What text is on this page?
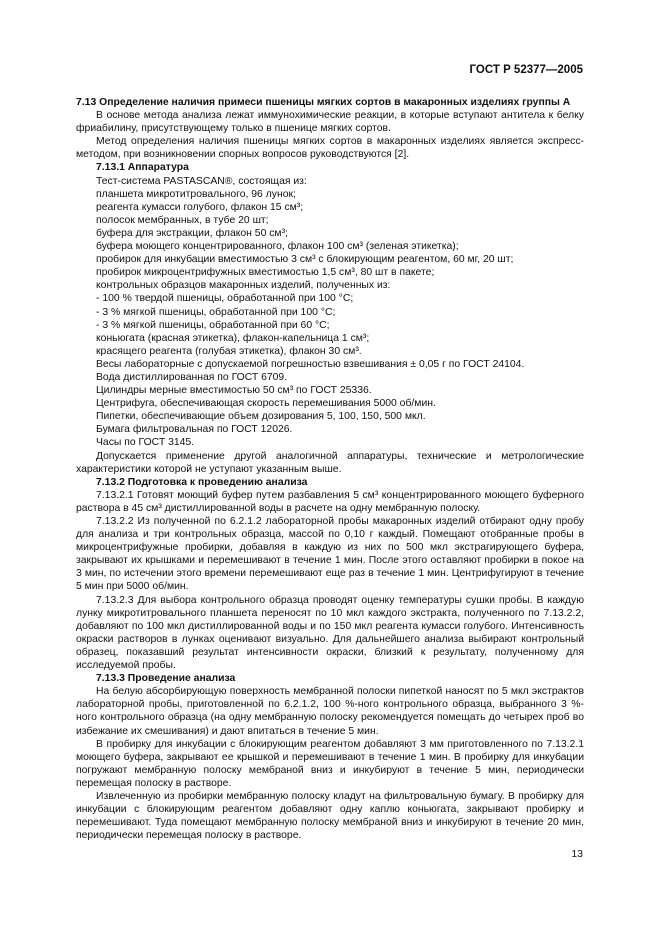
ГОСТ Р 52377—2005

7.13 Определение наличия примеси пшеницы мягких сортов в макаронных изделиях группы А

В основе метода анализа лежат иммунохимические реакции, в которые вступают антитела к белку фриабилину, присутствующему только в пшенице мягких сортов.

Метод определения наличия пшеницы мягких сортов в макаронных изделиях является экспресс-методом, при возникновении спорных вопросов руководствуются [2].

7.13.1 Аппаратура

Тест-система PASTASCAN®, состоящая из:

планшета микротитровального, 96 лунок;

реагента кумасси голубого, флакон 15 см³;

полосок мембранных, в тубе 20 шт;

буфера для экстракции, флакон 50 см³;

буфера моющего концентрированного, флакон 100 см³ (зеленая этикетка);

пробирок для инкубации вместимостью 3 см³ с блокирующим реагентом, 60 мг, 20 шт;

пробирок микроцентрифужных вместимостью 1,5 см³, 80 шт в пакете;

контрольных образцов макаронных изделий, полученных из:

- 100 % твердой пшеницы, обработанной при 100 °С;

- 3 % мягкой пшеницы, обработанной при 100 °С;

- 3 % мягкой пшеницы, обработанной при 60 °С;

коньюгата (красная этикетка), флакон-капельница 1 см³;

красящего реагента (голубая этикетка), флакон 30 см³.

Весы лабораторные с допускаемой погрешностью взвешивания ± 0,05 г по ГОСТ 24104.

Вода дистиллированная по ГОСТ 6709.

Цилиндры мерные вместимостью 50 см³ по ГОСТ 25336.

Центрифуга, обеспечивающая скорость перемешивания 5000 об/мин.

Пипетки, обеспечивающие объем дозирования 5, 100, 150, 500 мкл.

Бумага фильтровальная по ГОСТ 12026.

Часы по ГОСТ 3145.

Допускается применение другой аналогичной аппаратуры, технические и метрологические характеристики которой не уступают указанным выше.

7.13.2 Подготовка к проведению анализа

7.13.2.1 Готовят моющий буфер путем разбавления 5 см³ концентрированного моющего буферного раствора в 45 см³ дистиллированной воды в расчете на одну мембранную полоску.

7.13.2.2 Из полученной по 6.2.1.2 лабораторной пробы макаронных изделий отбирают одну пробу для анализа и три контрольных образца, массой по 0,10 г каждый. Помещают отобранные пробы в микроцентрифужные пробирки, добавляя в каждую из них по 500 мкл экстрагирующего буфера, закрывают их крышками и перемешивают в течение 1 мин. После этого оставляют пробирки в покое на 3 мин, по истечении этого времени перемешивают еще раз в течение 1 мин. Центрифугируют в течение 5 мин при 5000 об/мин.

7.13.2.3 Для выбора контрольного образца проводят оценку температуры сушки пробы. В каждую лунку микротитровального планшета переносят по 10 мкл каждого экстракта, полученного по 7.13.2.2, добавляют по 100 мкл дистиллированной воды и по 150 мкл реагента кумасси голубого. Интенсивность окраски растворов в лунках оценивают визуально. Для дальнейшего анализа выбирают контрольный образец, показавший результат интенсивности окраски, близкий к результату, полученному для исследуемой пробы.

7.13.3 Проведение анализа

На белую абсорбирующую поверхность мембранной полоски пипеткой наносят по 5 мкл экстрактов лабораторной пробы, приготовленной по 6.2.1.2, 100 %-ного контрольного образца, выбранного 3 %-ного контрольного образца (на одну мембранную полоску рекомендуется помещать до четырех проб во избежание их смешивания) и дают впитаться в течение 5 мин.

В пробирку для инкубации с блокирующим реагентом добавляют 3 мм приготовленного по 7.13.2.1 моющего буфера, закрывают ее крышкой и перемешивают в течение 1 мин. В пробирку для инкубации погружают мембранную полоску мембраной вниз и инкубируют в течение 5 мин, периодически перемещая полоску в растворе.

Извлеченную из пробирки мембранную полоску кладут на фильтровальную бумагу. В пробирку для инкубации с блокирующим реагентом добавляют одну каплю коньюгата, закрывают пробирку и перемешивают. Туда помещают мембранную полоску мембраной вниз и инкубируют в течение 20 мин, периодически перемещая полоску в растворе.

13
